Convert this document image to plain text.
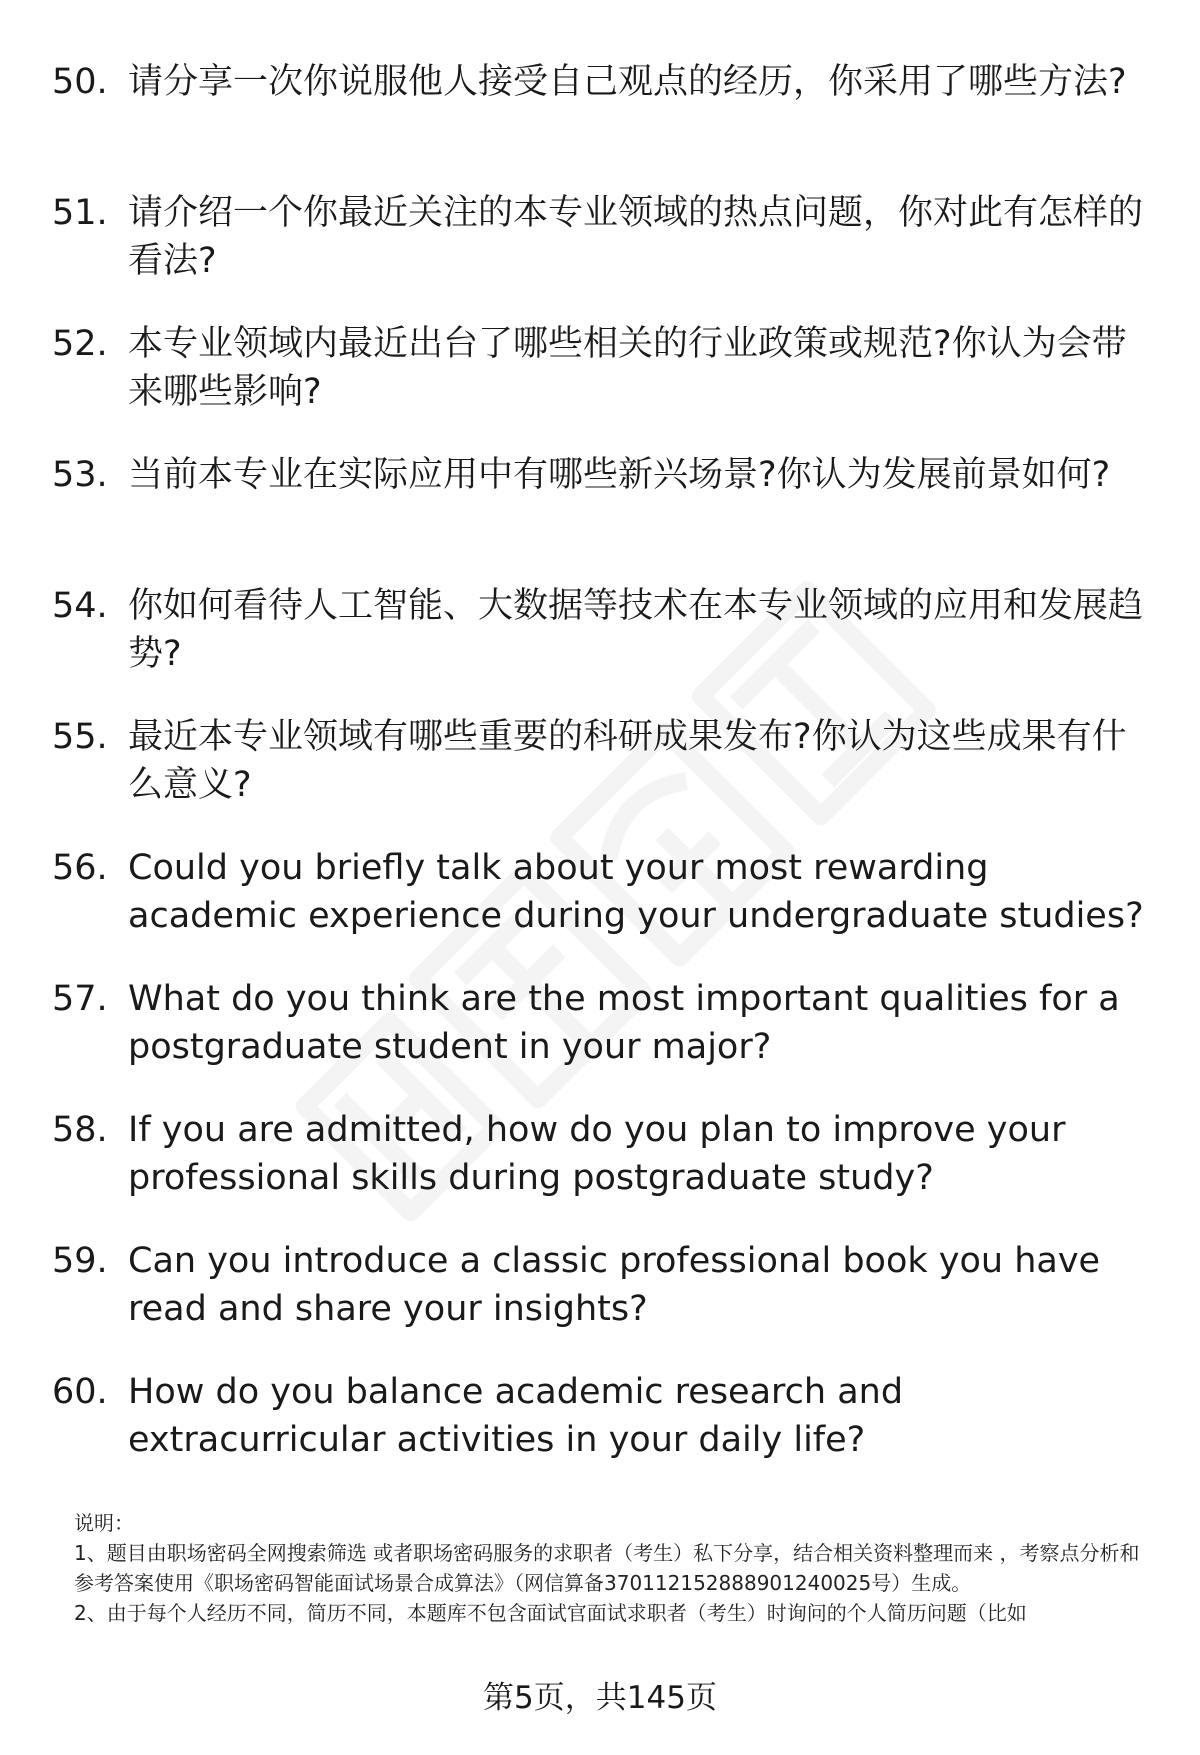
50. 请分享一次你说服他人接受自己观点的经历，你采用了哪些方法?
51. 请介绍一个你最近关注的本专业领域的热点问题，你对此有怎样的看法?
52. 本专业领域内最近出台了哪些相关的行业政策或规范?你认为会带来哪些影响?
53. 当前本专业在实际应用中有哪些新兴场景?你认为发展前景如何?
54. 你如何看待人工智能、大数据等技术在本专业领域的应用和发展趋势?
55. 最近本专业领域有哪些重要的科研成果发布?你认为这些成果有什么意义?
56. Could you briefly talk about your most rewarding academic experience during your undergraduate studies?
57. What do you think are the most important qualities for a postgraduate student in your major?
58. If you are admitted, how do you plan to improve your professional skills during postgraduate study?
59. Can you introduce a classic professional book you have read and share your insights?
60. How do you balance academic research and extracurricular activities in your daily life?

说明：

1、题目由职场密码全网搜索筛选 或者职场密码服务的求职者（考生）私下分享，结合相关资料整理而来 ，考察点分析和参考答案使用《职场密码智能面试场景合成算法》（网信算备370112152888901240025号）生成。

2、由于每个人经历不同，简历不同，本题库不包含面试官面试求职者（考生）时询问的个人简历问题（比如

第5页，共145页
